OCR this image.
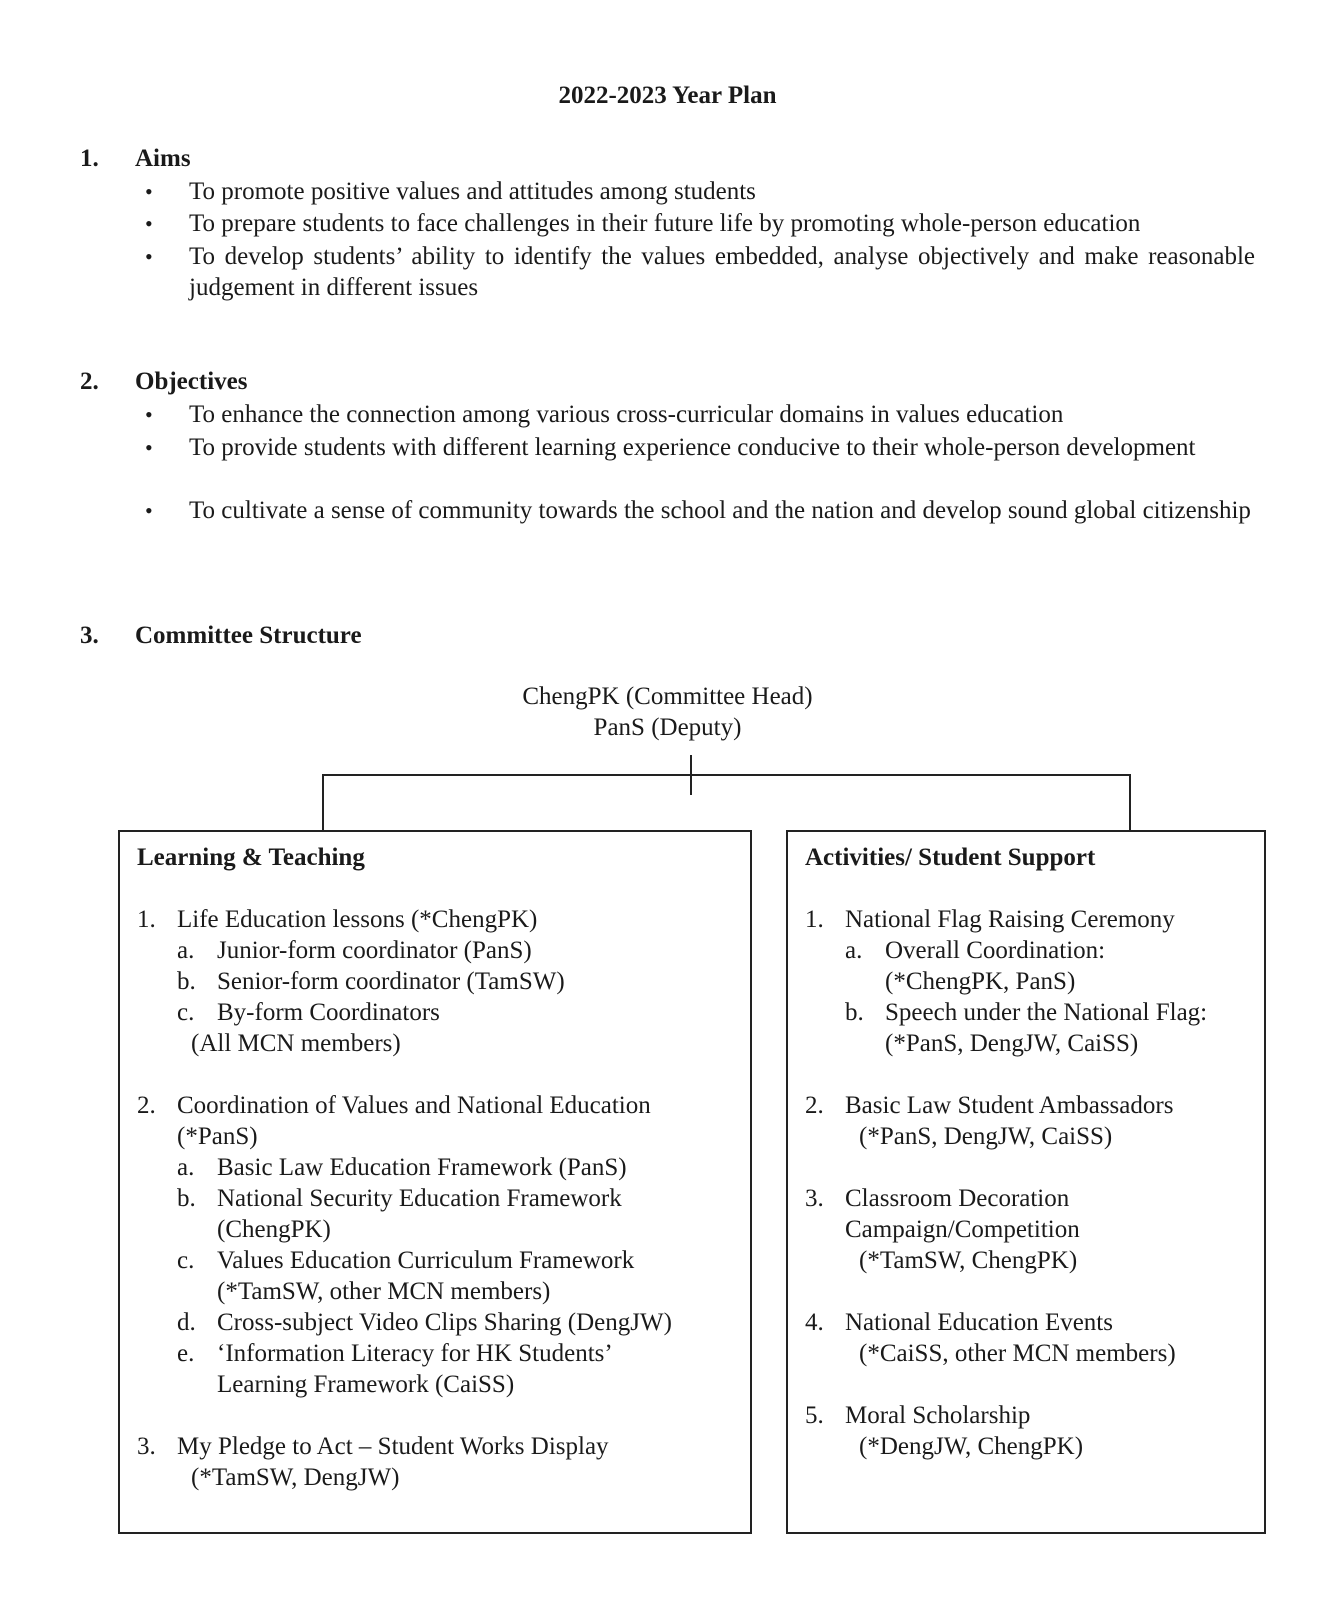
2022-2023 Year Plan
1. Aims
• To promote positive values and attitudes among students
• To prepare students to face challenges in their future life by promoting whole-person education
• To develop students’ ability to identify the values embedded, analyse objectively and make reasonable judgement in different issues
2. Objectives
• To enhance the connection among various cross-curricular domains in values education
• To provide students with different learning experience conducive to their whole-person development
• To cultivate a sense of community towards the school and the nation and develop sound global citizenship
3. Committee Structure
ChengPK (Committee Head)
PanS (Deputy)
Learning & Teaching
1. Life Education lessons (*ChengPK)
a. Junior-form coordinator (PanS)
b. Senior-form coordinator (TamSW)
c. By-form Coordinators
(All MCN members)
2. Coordination of Values and National Education
(*PanS)
a. Basic Law Education Framework (PanS)
b. National Security Education Framework
(ChengPK)
c. Values Education Curriculum Framework
(*TamSW, other MCN members)
d. Cross-subject Video Clips Sharing (DengJW)
e. ‘Information Literacy for HK Students’
Learning Framework (CaiSS)
3. My Pledge to Act – Student Works Display
(*TamSW, DengJW)
Activities/ Student Support
1. National Flag Raising Ceremony
a. Overall Coordination:
(*ChengPK, PanS)
b. Speech under the National Flag:
(*PanS, DengJW, CaiSS)
2. Basic Law Student Ambassadors
(*PanS, DengJW, CaiSS)
3. Classroom Decoration
Campaign/Competition
(*TamSW, ChengPK)
4. National Education Events
(*CaiSS, other MCN members)
5. Moral Scholarship
(*DengJW, ChengPK)
